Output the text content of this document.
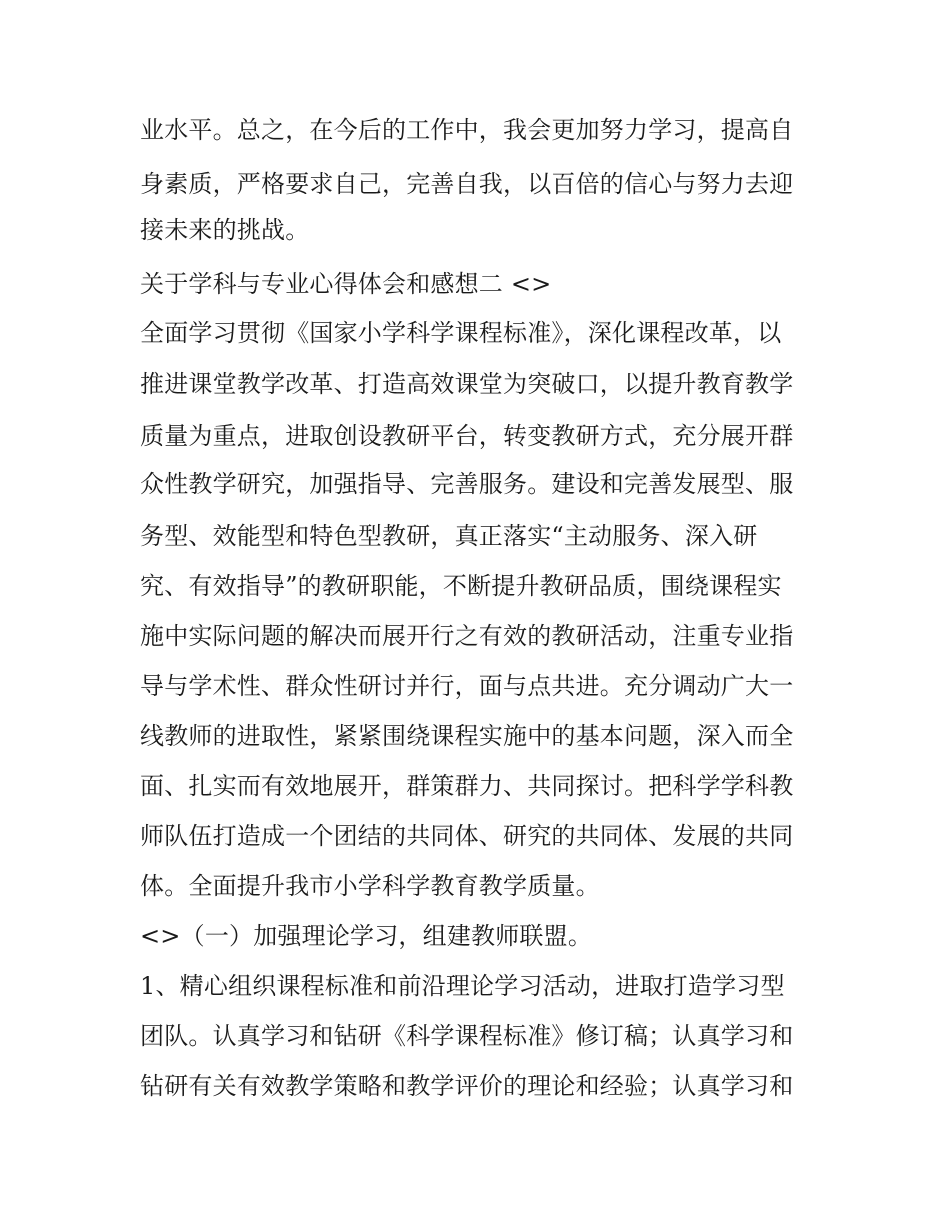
业水平。总之，在今后的工作中，我会更加努力学习，提高自
身素质，严格要求自己，完善自我，以百倍的信心与努力去迎
接未来的挑战。
关于学科与专业心得体会和感想二 <>
全面学习贯彻《国家小学科学课程标准》，深化课程改革，以
推进课堂教学改革、打造高效课堂为突破口，以提升教育教学
质量为重点，进取创设教研平台，转变教研方式，充分展开群
众性教学研究，加强指导、完善服务。建设和完善发展型、服
务型、效能型和特色型教研，真正落实“主动服务、深入研
究、有效指导”的教研职能，不断提升教研品质，围绕课程实
施中实际问题的解决而展开行之有效的教研活动，注重专业指
导与学术性、群众性研讨并行，面与点共进。充分调动广大一
线教师的进取性，紧紧围绕课程实施中的基本问题，深入而全
面、扎实而有效地展开，群策群力、共同探讨。把科学学科教
师队伍打造成一个团结的共同体、研究的共同体、发展的共同
体。全面提升我市小学科学教育教学质量。
<>（一）加强理论学习，组建教师联盟。
1、精心组织课程标准和前沿理论学习活动，进取打造学习型
团队。认真学习和钻研《科学课程标准》修订稿；认真学习和
钻研有关有效教学策略和教学评价的理论和经验；认真学习和
